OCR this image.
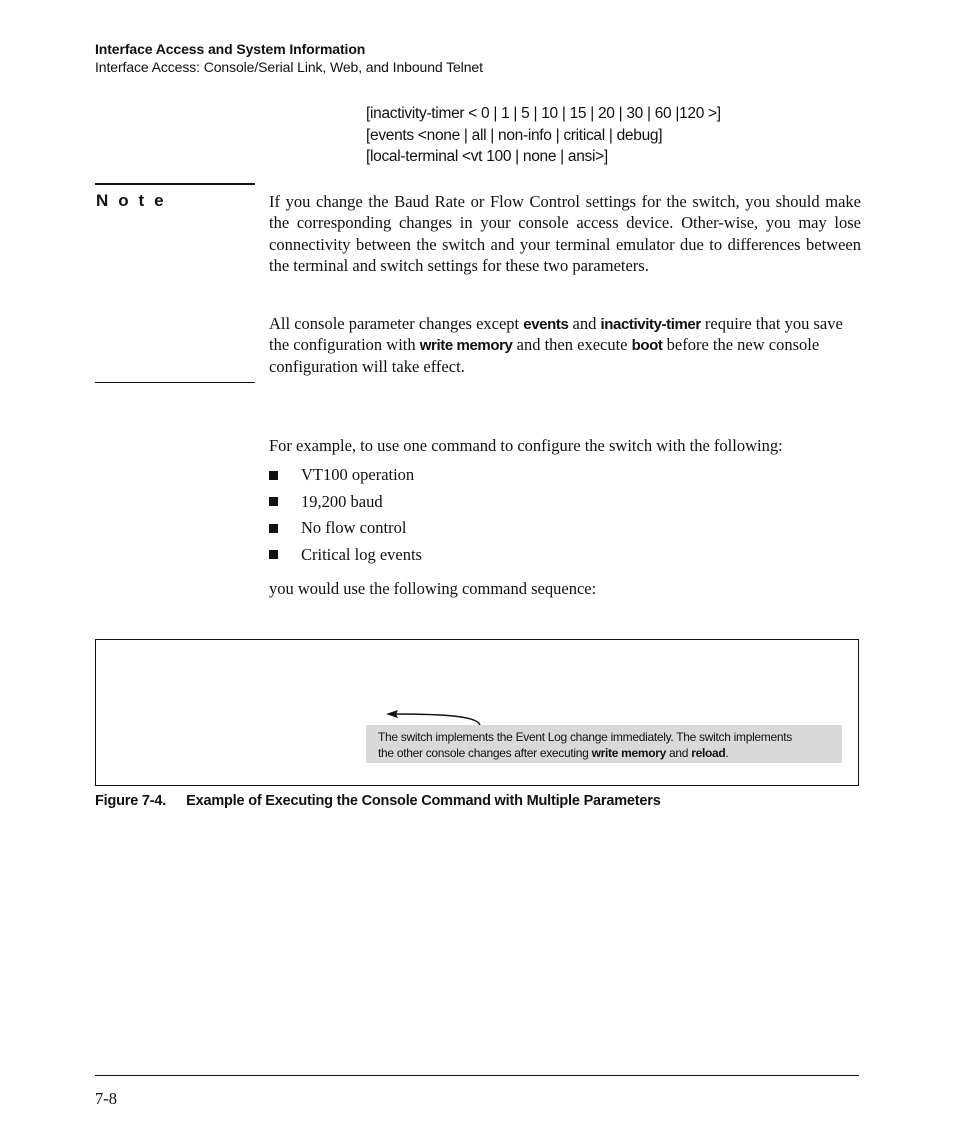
Interface Access and System Information
Interface Access: Console/Serial Link, Web, and Inbound Telnet
[inactivity-timer < 0 | 1 | 5 | 10 | 15 | 20 | 30 | 60 |120 >]
[events <none | all | non-info | critical | debug]
[local-terminal <vt 100 | none | ansi>]
N o t e	If you change the Baud Rate or Flow Control settings for the switch, you should make the corresponding changes in your console access device. Other-wise, you may lose connectivity between the switch and your terminal emulator due to differences between the terminal and switch settings for these two parameters.
All console parameter changes except events and inactivity-timer require that you save the configuration with write memory and then execute boot before the new console configuration will take effect.
For example, to use one command to configure the switch with the following:
VT100 operation
19,200 baud
No flow control
Critical log events
you would use the following command sequence:
The switch implements the Event Log change immediately. The switch implements
the other console changes after executing write memory and reload.
Figure 7-4. Example of Executing the Console Command with Multiple Parameters
7-8
